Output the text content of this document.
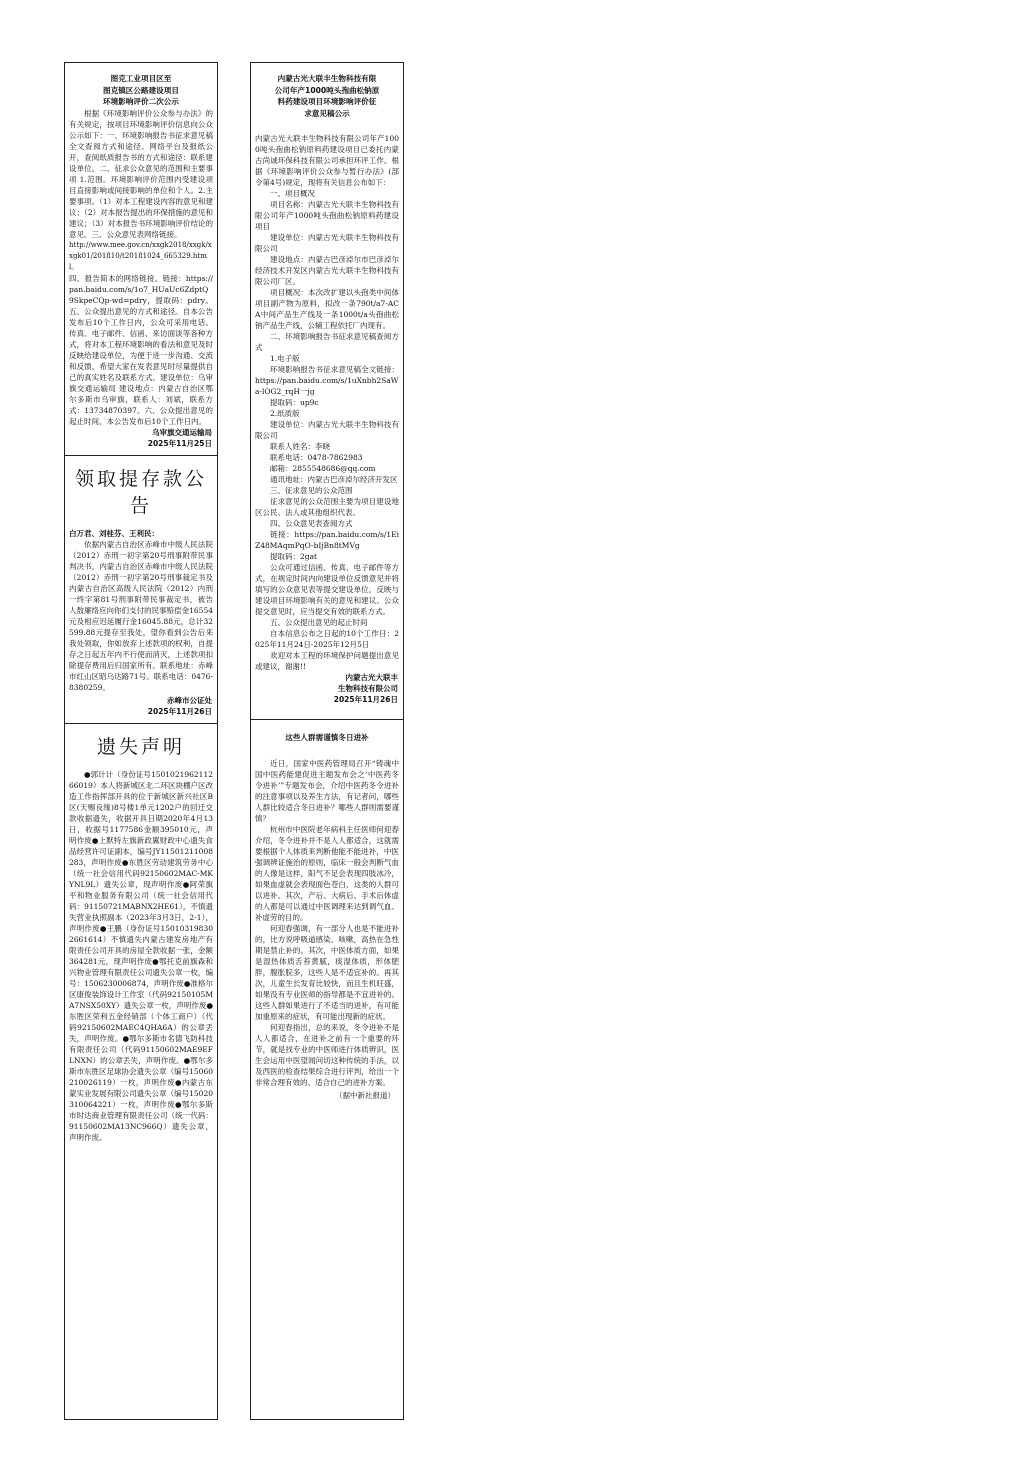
图克工业项目区至

图克镇区公路建设项目

环境影响评价二次公示

根据《环境影响评价公众参与办法》的有关规定，按项目环境影响评价信息向公众公示如下：一、环境影响报告书征求意见稿全文查阅方式和途径。网络平台及报纸公开，查阅纸质报告书的方式和途径：联系建设单位。二、征求公众意见的范围和主要事项 1.范围。环境影响评价范围内受建设项目直接影响或间接影响的单位和个人。2.主要事项。（1）对本工程建设内容的意见和建议；（2）对本报告提出的环保措施的意见和建议；（3）对本报告书环境影响评价结论的意见。三、公众意见表网络链接。

http://www.mee.gov.cn/xxgk2018/xxgk/xxgk01/201810/t20181024_665329.html。

四、报告简本的网络链接。链接：https://pan.baidu.com/s/1o7_HUaUc6ZdptQ9SkpeCQp-wd=pdry，提取码：pdry。五、公众提出意见的方式和途径。自本公告发布后10个工作日内，公众可采用电话、传真、电子邮件、信函、来访面谈等各种方式，将对本工程环境影响的看法和意见及时反映给建设单位，为便于进一步沟通、交流和反馈，希望大家在发表意见时尽量提供自己的真实姓名及联系方式。建设单位：乌审旗交通运输局 建设地点：内蒙古自治区鄂尔多斯市乌审旗，联系人：刘斌，联系方式：13734870397。六、公众提出意见的起止时间。本公告发布后10个工作日内。

乌审旗交通运输局

2025年11月25日

领取提存款公告

白万君、刘桂芬、王利民：

依据内蒙古自治区赤峰市中级人民法院（2012）赤刑一初字第20号刑事附带民事判决书，内蒙古自治区赤峰市中级人民法院（2012）赤刑一初字第20号刑事裁定书及内蒙古自治区高级人民法院（2012）内刑一终字第81号刑事附带民事裁定书，被告人敖廉络应向你们支付的民事赔偿金16554元及相应迟延履行金16045.88元，总计32599.88元提存至我处，望你看到公告后来我处领取，你如放弃上述款项的权利，自提存之日起五年内不行使而消灭，上述款项扣除提存费用后归国家所有。联系地址：赤峰市红山区昭乌达路71号。联系电话：0476-8380259。

赤峰市公证处

2025年11月26日

遗失声明

●郭计计（身份证号150102196211266019）本人将新城区北二环区块棚户区改造工作指挥部开具的位于新城区新兴社区B区(天赐良缘)8号楼1单元1202户的回迁交款收据遗失，收据开具日期2020年4月13日，收据号1177586金额395010元，声明作废●上默特左旗新政翼财政中心遗失食品经营许可证副本，编号JY11501211008283，声明作废●东胜区劳动建筑劳务中心（统一社会信用代码92150602MAC-MKYNL9L）遗失公章，现声明作废●阿荣旗平和物业服务有限公司（统一社会信用代码：91150721MABNX2HE61），不慎遗失营业执照副本（2023年3月3日，2-1），声明作废●王鹏（身份证号150103198302661614）不慎遗失内蒙古建发房地产有限责任公司开具的房屋全款收据一张，金额364281元，现声明作废●鄂托克前旗森和兴物业管理有限责任公司遗失公章一枚，编号：15062300068​74，声明作废●准格尔区康俊装饰设计工作室（代码92150105MA7NSX50XY）遗失公章一枚，声明作废●东胜区荣利五金经销部（个体工商户）（代码92150602MAEC4QHA6A）的公章丢失，声明作废。●鄂尔多斯市名德飞防科技有限责任公司（代码91150602MAE9EFLNXN）的公章丢失，声明作废。●鄂尔多斯市东胜区足球协会遗失公章（编号1506021002​6119）一枚，声明作废●内蒙古东蒙实业发展有限公司遗失公章（编号1502031006​4221）一枚，声明作废●鄂尔多斯市时达商业管理有限责任公司（统一代码：91150602MA13NC966Q）遗失公章，声明作废。

内蒙古光大联丰生物科技有限

公司年产1000吨头孢曲松钠原

料药建设项目环境影响评价征

求意见稿公示

内蒙古光大联丰生物科技有限公司年产1000吨头孢曲松钠原料药建设项目已委托内蒙古尚诚环保科技有限公司承担环评工作。根据《环境影响评价公众参与暂行办法》(部令第4号)规定，现将有关信息公布如下：

一、项目概况

项目名称：内蒙古光大联丰生物科技有限公司年产1000吨头孢曲松钠原料药建设项目

建设单位：内蒙古光大联丰生物科技有限公司

建设地点：内蒙古巴彦淖尔市巴彦淖尔经济技术开发区内蒙古光大联丰生物科技有限公司厂区。

项目概况：本次改扩建以头孢类中间体项目副产物为原料，拟改一条790t/a7-ACA中间产品生产线及一条1000t/a头孢曲松钠产品生产线，公辅工程依托厂内现有。

二、环境影响报告书征求意见稿查阅方式

1.电子版

环境影响报告书征求意见稿全文链接：https://pan.baidu.com/s/1uXnbh2SaWa-lOG2_rqH一jg

提取码：up9c

2.纸质版

建设单位：内蒙古光大联丰生物科技有限公司

联系人姓名：李晓

联系电话：0478-7862983

邮箱：2855548686@qq.com

通讯地址：内蒙古巴彦淖尔经济开发区

三、征求意见的公众范围

征求意见的公众范围主要为项目建设地区公民、法人或其他组织代表。

四、公众意见表查阅方式

链接：https://pan.baidu.com/s/1EiZ48MAqmPqO-bIjBn8tMVg

提取码：2gat

公众可通过信函、传真、电子邮件等方式，在规定时间内向建设单位反馈意见并将填写的公众意见表等提交建设单位，反映与建设项目环境影响有关的意见和建议。公众提交意见时，应当提交有效的联系方式。

五、公众提出意见的起止时间

自本信息公布之日起的10个工作日：2025年11月24日-2025年12月5日

欢迎对本工程的环境保护问题提出意见或建议，谢谢!!

内蒙古光大联丰

生物科技有限公司

2025年11月26日

这些人群需谨慎冬日进补

近日，国家中医药管理局召开“铸魂中国中医药能建促进主题发布会之‘中医药冬令进补’”专题发布会，介绍中医药冬令进补的注意事项以及养生方法，有记者问，哪些人群比较适合冬日进补？哪些人群则需要谨慎？

杭州市中医院老年病科主任医师何迎春介绍，冬令进补并不是人人都适合，这就需要根据个人体质来判断他能不能进补，中医强调辨证施治的原则，临床一般会判断气血的人像是这样，阳气不足会表现四肢冰冷，如果血虚就会表现面色苍白，这类的人群可以进补。其次，产后、大病后、手术后体虚的人都是可以通过中医调理来达到调气血、补虚劳的目的。

何迎春强调，有一部分人也是不能进补的，比方说呼吸道感染、咳嗽，高热在急性期是禁止补的。其次，中医体质方面，如果是湿热体质舌苔黄腻，痰湿体质，形体肥胖，腹胀脘多，这些人是不适宜补的。再其次，儿童生长发育比较快，而且生机旺盛，如果没有专业医师的指导都是不宜进补的。这些人群如果进行了不适当的进补，有可能加重原来的症状，有可能出现新的症状。

何迎春指出，总的来说，冬令进补不是人人都适合，在进补之前有一个重要的环节，就是找专业的中医师进行体质辨识，医生会运用中医望闻问切这种传统的手法，以及西医的检查结果综合进行评判，给出一个非常合理有效的、适合自己的进补方案。

（据中新社报道）
